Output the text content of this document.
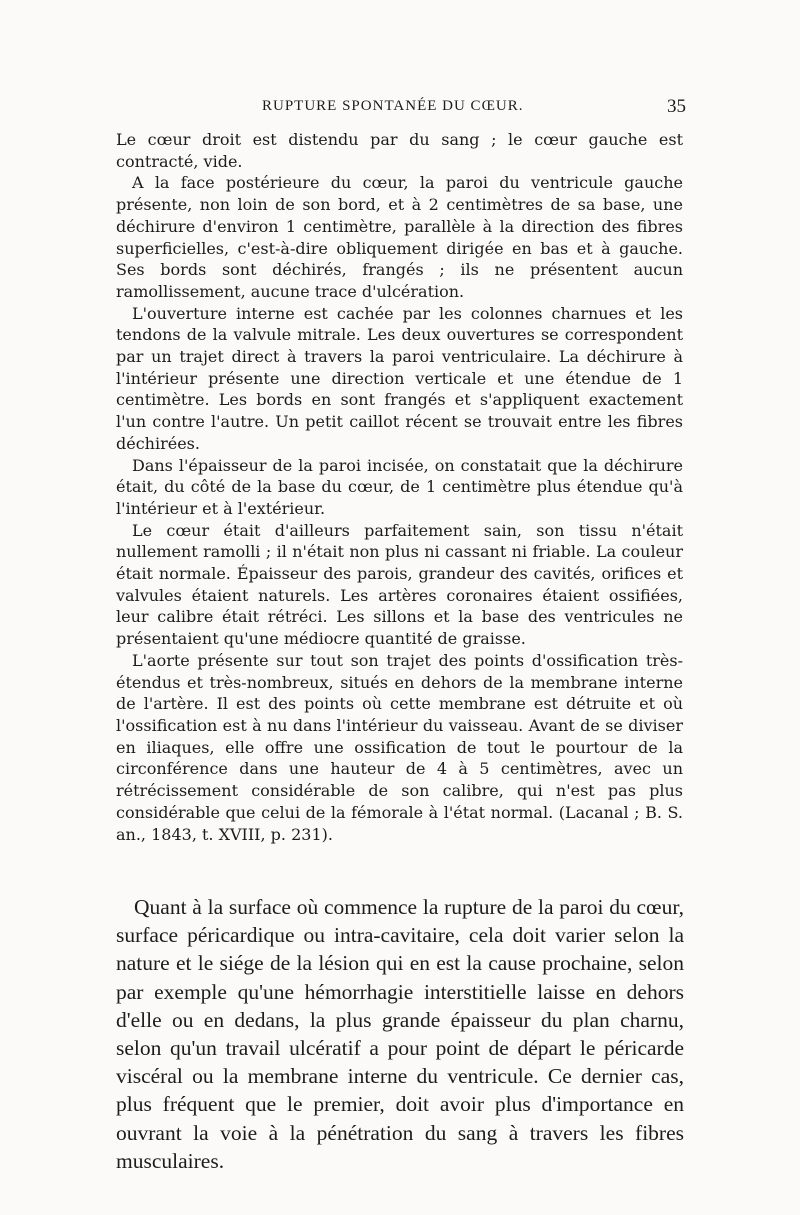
RUPTURE SPONTANÉE DU CŒUR.	35

Le cœur droit est distendu par du sang ; le cœur gauche est contracté, vide.

A la face postérieure du cœur, la paroi du ventricule gauche présente, non loin de son bord, et à 2 centimètres de sa base, une déchirure d'environ 1 centimètre, parallèle à la direction des fibres superficielles, c'est-à-dire obliquement dirigée en bas et à gauche. Ses bords sont déchirés, frangés ; ils ne présentent aucun ramollissement, aucune trace d'ulcération.

L'ouverture interne est cachée par les colonnes charnues et les tendons de la valvule mitrale. Les deux ouvertures se correspondent par un trajet direct à travers la paroi ventriculaire. La déchirure à l'intérieur présente une direction verticale et une étendue de 1 centimètre. Les bords en sont frangés et s'appliquent exactement l'un contre l'autre. Un petit caillot récent se trouvait entre les fibres déchirées.

Dans l'épaisseur de la paroi incisée, on constatait que la déchirure était, du côté de la base du cœur, de 1 centimètre plus étendue qu'à l'intérieur et à l'extérieur.

Le cœur était d'ailleurs parfaitement sain, son tissu n'était nullement ramolli ; il n'était non plus ni cassant ni friable. La couleur était normale. Épaisseur des parois, grandeur des cavités, orifices et valvules étaient naturels. Les artères coronaires étaient ossifiées, leur calibre était rétréci. Les sillons et la base des ventricules ne présentaient qu'une médiocre quantité de graisse.

L'aorte présente sur tout son trajet des points d'ossification très-étendus et très-nombreux, situés en dehors de la membrane interne de l'artère. Il est des points où cette membrane est détruite et où l'ossification est à nu dans l'intérieur du vaisseau. Avant de se diviser en iliaques, elle offre une ossification de tout le pourtour de la circonférence dans une hauteur de 4 à 5 centimètres, avec un rétrécissement considérable de son calibre, qui n'est pas plus considérable que celui de la fémorale à l'état normal. (Lacanal ; B. S. an., 1843, t. XVIII, p. 231).

Quant à la surface où commence la rupture de la paroi du cœur, surface péricardique ou intra-cavitaire, cela doit varier selon la nature et le siége de la lésion qui en est la cause prochaine, selon par exemple qu'une hémorrhagie interstitielle laisse en dehors d'elle ou en dedans, la plus grande épaisseur du plan charnu, selon qu'un travail ulcératif a pour point de départ le péricarde viscéral ou la membrane interne du ventricule. Ce dernier cas, plus fréquent que le premier, doit avoir plus d'importance en ouvrant la voie à la pénétration du sang à travers les fibres musculaires.
